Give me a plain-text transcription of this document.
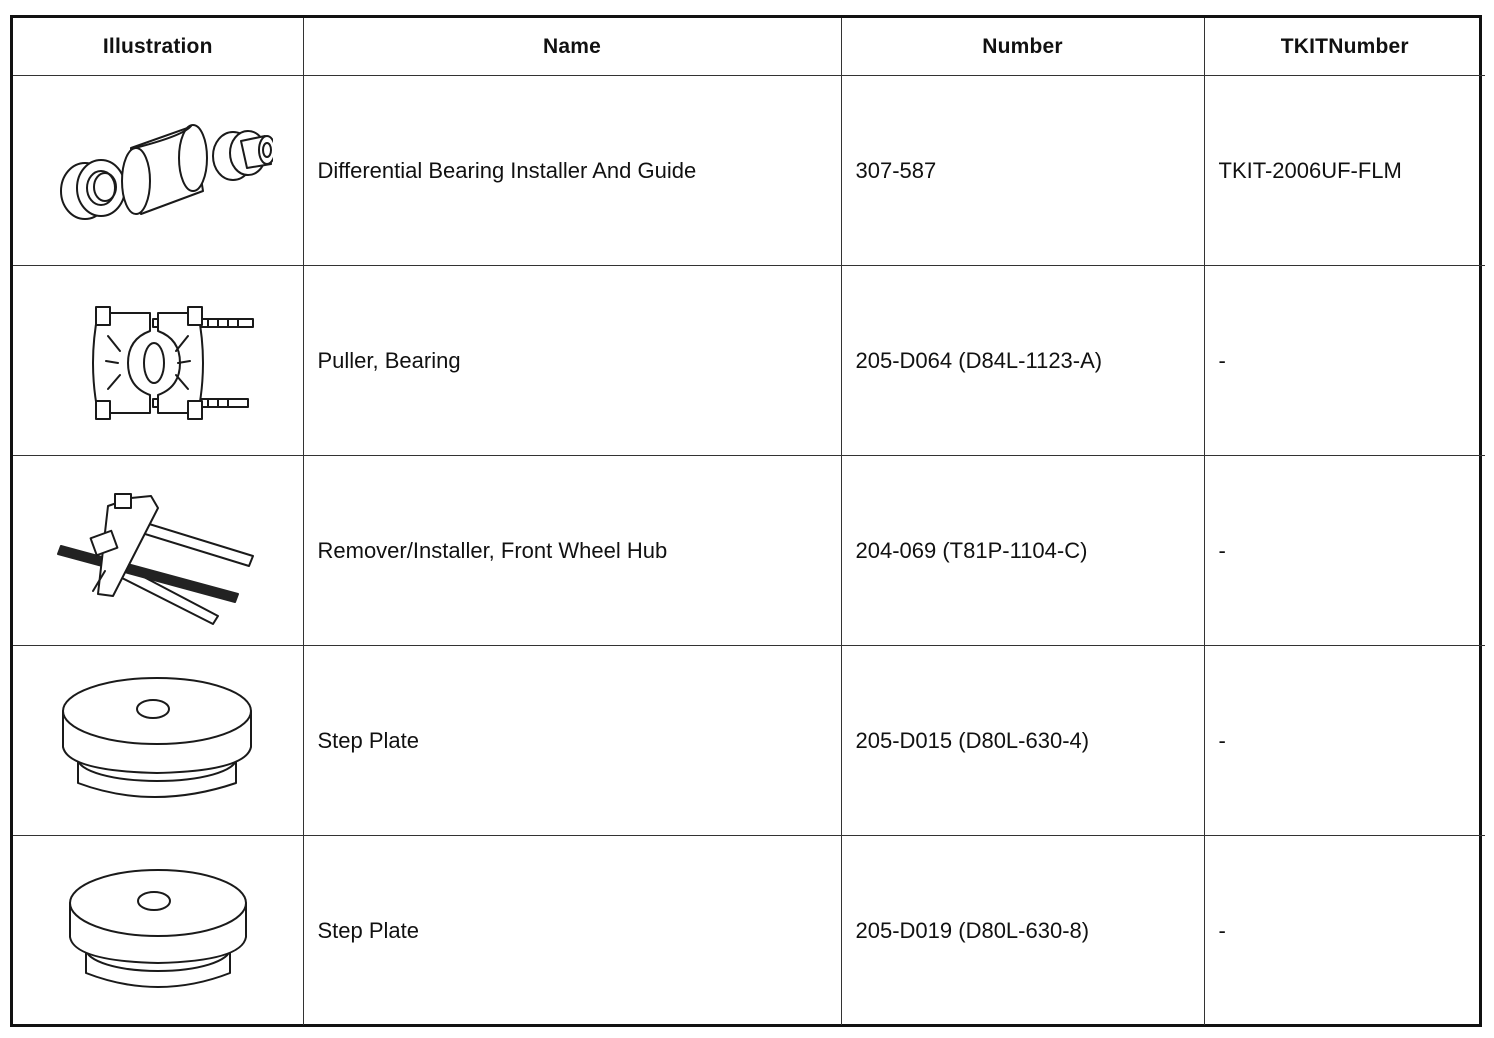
Illustration	Name	Number	TKITNumber

	Differential Bearing Installer And Guide	307-587	TKIT-2006UF-FLM

	Puller, Bearing	205-D064 (D84L-1123-A)	-

	Remover/Installer, Front Wheel Hub	204-069 (T81P-1104-C)	-

	Step Plate	205-D015 (D80L-630-4)	-

	Step Plate	205-D019 (D80L-630-8)	-
